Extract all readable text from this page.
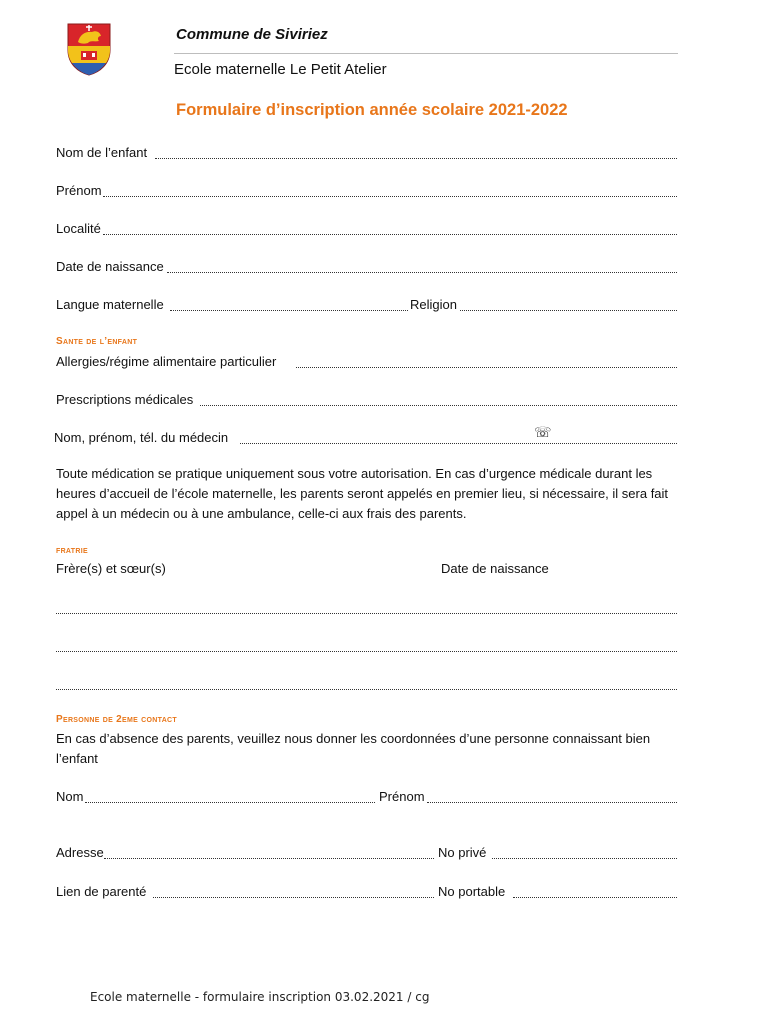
Commune de Siviriez
Ecole maternelle Le Petit Atelier
Formulaire d’inscription année scolaire 2021-2022
Nom de l’enfant
Prénom
Localité
Date de naissance
Langue maternelle	Religion
Sante de l’enfant
Allergies/régime alimentaire particulier
Prescriptions médicales
Nom, prénom, tél. du médecin	☏
Toute médication se pratique uniquement sous votre autorisation. En cas d’urgence médicale durant les heures d’accueil de l’école maternelle, les parents seront appelés en premier lieu, si nécessaire, il sera fait appel à un médecin ou à une ambulance, celle-ci aux frais des parents.
fratrie
Frère(s) et sœur(s)	Date de naissance
Personne de 2eme contact
En cas d’absence des parents, veuillez nous donner les coordonnées d’une personne connaissant bien l’enfant
Nom	Prénom
Adresse	No privé
Lien de parenté	No portable
Ecole maternelle - formulaire inscription 03.02.2021 / cg
